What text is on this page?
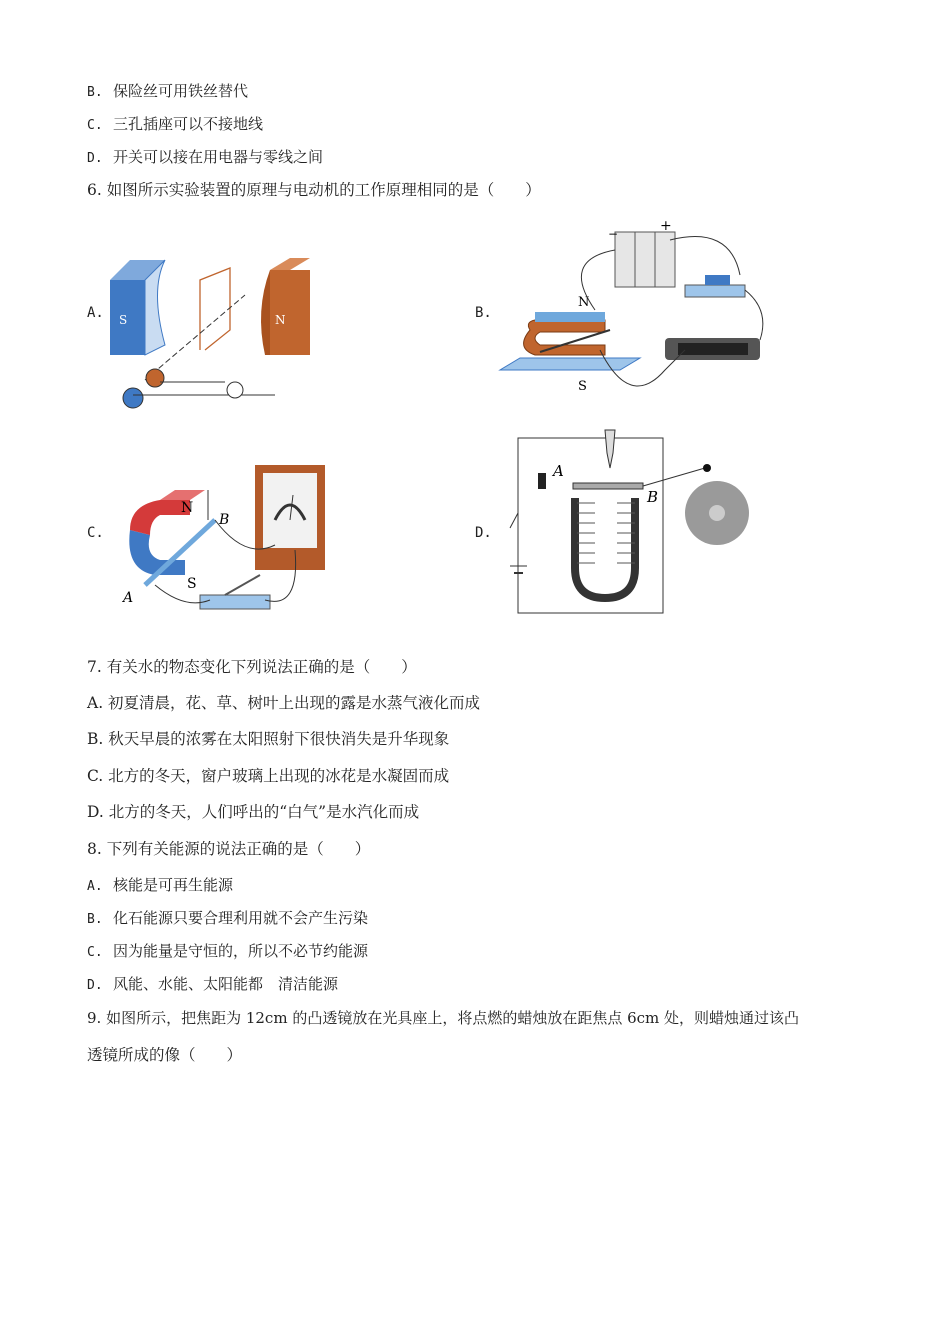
B. 保险丝可用铁丝替代
C. 三孔插座可以不接地线
D. 开关可以接在用电器与零线之间
6. 如图所示实验装置的原理与电动机的工作原理相同的是（　　）
A. S	N	B.
−	+
N
S
C.
N
S
A
B
D.
A
B
7. 有关水的物态变化下列说法正确的是（　　）
A. 初夏清晨，花、草、树叶上出现的露是水蒸气液化而成
B. 秋天早晨的浓雾在太阳照射下很快消失是升华现象
C. 北方的冬天，窗户玻璃上出现的冰花是水凝固而成
D. 北方的冬天，人们呼出的“白气”是水汽化而成
8. 下列有关能源的说法正确的是（　　）
A. 核能是可再生能源
B. 化石能源只要合理利用就不会产生污染
C. 因为能量是守恒的，所以不必节约能源
D. 风能、水能、太阳能都　清洁能源
9. 如图所示，把焦距为 12cm 的凸透镜放在光具座上，将点燃的蜡烛放在距焦点 6cm 处，则蜡烛通过该凸
透镜所成的像（　　）
